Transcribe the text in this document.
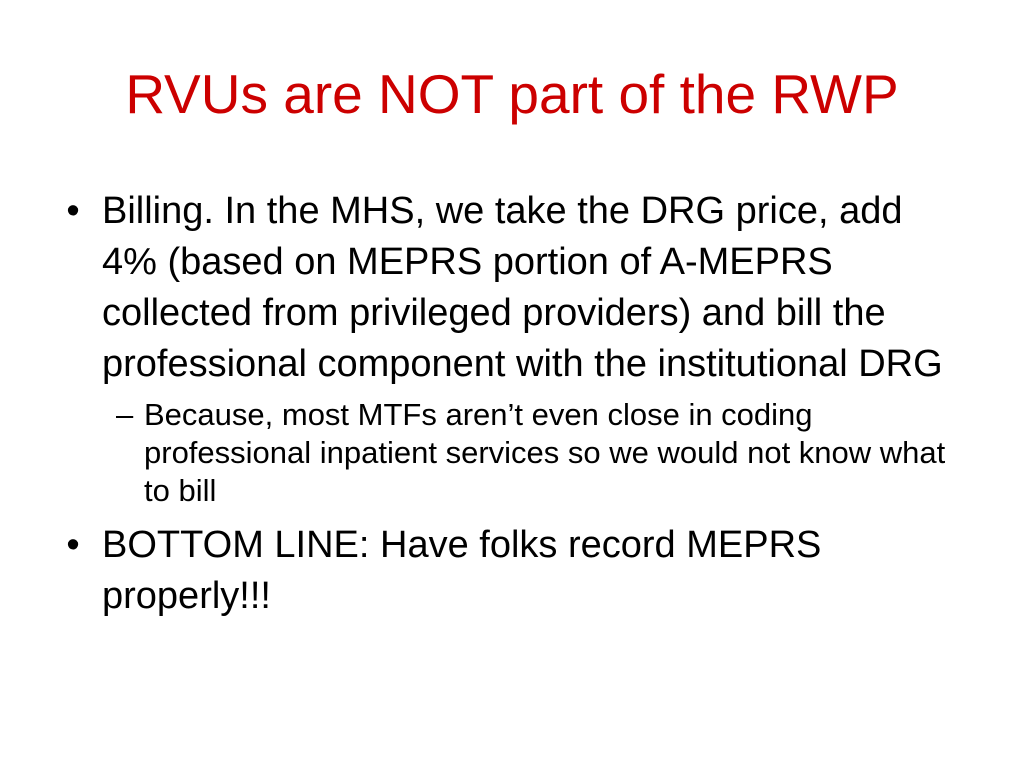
RVUs are NOT part of the RWP
• Billing. In the MHS, we take the DRG price, add 4% (based on MEPRS portion of A-MEPRS collected from privileged providers) and bill the professional component with the institutional DRG
– Because, most MTFs aren’t even close in coding professional inpatient services so we would not know what to bill
• BOTTOM LINE: Have folks record MEPRS properly!!!
